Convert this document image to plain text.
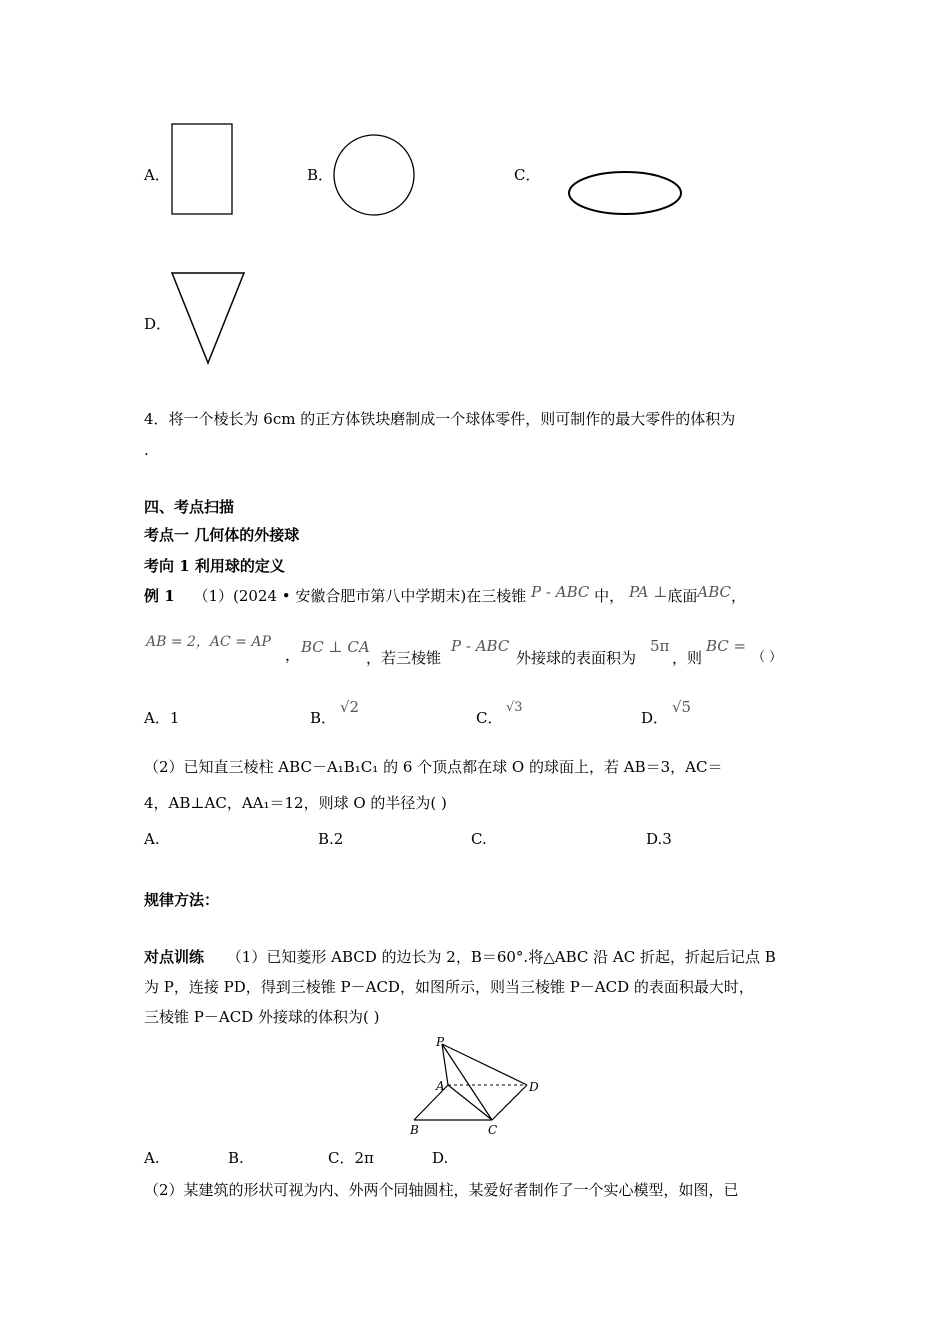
A．	B．	C．
D．
4．将一个棱长为 6cm 的正方体铁块磨制成一个球体零件，则可制作的最大零件的体积为
.
四、考点扫描
考点一 几何体的外接球
考向 1 利用球的定义
例 1 （1）(2024 • 安徽合肥市第八中学期末)在三棱锥 P - ABC 中， PA ⊥底面ABC，
AB = 2，AC = AP
， BC ⊥ CA
，若三棱锥
P - ABC
外接球的表面积为
5π
，则
BC =
（ ）
A．1	B．
√2
C．
√3
D．
√5
（2）已知直三棱柱 ABC－A₁B₁C₁ 的 6 个顶点都在球 O 的球面上，若 AB＝3，AC＝
4，AB⊥AC，AA₁＝12，则球 O 的半径为( )
A.	B.2	C.	D.3
规律方法：
对点训练 （1）已知菱形 ABCD 的边长为 2，B＝60°.将△ABC 沿 AC 折起，折起后记点 B
为 P，连接 PD，得到三棱锥 P－ACD，如图所示，则当三棱锥 P－ACD 的表面积最大时，
三棱锥 P－ACD 外接球的体积为( )
P
A
B	C
D
A.	B.	C．2π	D.
（2）某建筑的形状可视为内、外两个同轴圆柱，某爱好者制作了一个实心模型，如图，已
